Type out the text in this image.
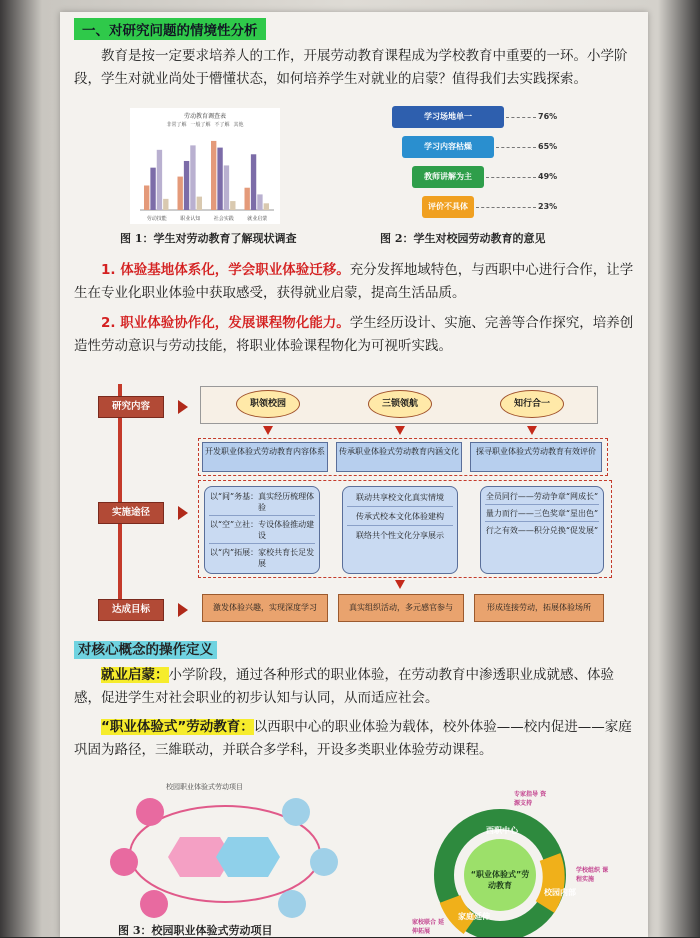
一、对研究问题的情境性分析

教育是按一定要求培养人的工作，开展劳动教育课程成为学校教育中重要的一环。小学阶段，学生对就业尚处于懵懂状态，如何培养学生对就业的启蒙？值得我们去实践探索。

劳动教育调查表
非常了解 一般了解 不了解 其他
劳动技能	职业认知	社会实践	就业启蒙
图 1：学生对劳动教育了解现状调查
学习场地单一
学习内容枯燥
教师讲解为主
评价不具体
76%
65%
49%
23%
图 2：学生对校园劳动教育的意见

1. 体验基地体系化，学会职业体验迁移。充分发挥地域特色，与西职中心进行合作，让学生在专业化职业体验中获取感受，获得就业启蒙，提高生活品质。

2. 职业体验协作化，发展课程物化能力。学生经历设计、实施、完善等合作探究，培养创造性劳动意识与劳动技能，将职业体验课程物化为可视听实践。

研究内容
实施途径
达成目标
职领校园	三锁领航	知行合一
开发职业体验式劳动教育内容体系	传承职业体验式劳动教育内涵文化	探寻职业体验式劳动教育有效评价
以“间”务基：真实经历梳理体验
以“空”立社：专设体验推动建设
以“内”拓展：家校共育长足发展
联动共享校文化真实情境
传承式校本文化体验建构
联络共个性文化分享展示
全员同行——劳动争章“网成长”
量力而行——三色奖章“星出色”
行之有效——积分兑换“促发展”
激发体验兴趣，实现深度学习	真实组织活动，多元感官参与	形成连接劳动，拓展体验场所
对核心概念的操作定义

就业启蒙：小学阶段，通过各种形式的职业体验，在劳动教育中渗透职业成就感、体验感，促进学生对社会职业的初步认知与认同，从而适应社会。

“职业体验式”劳动教育：以西职中心的职业体验为载体，校外体验——校内促进——家庭巩固为路径，三維联动，并联合多学科，开设多类职业体验劳动课程。

校园职业体验式劳动项目
图 3：校园职业体验式劳动项目
“职业体验式”劳动教育
西职中心
校园内部
家庭延伸
专家指导 资源支持
学校组织 课程实施
家校联合 延伸拓展
